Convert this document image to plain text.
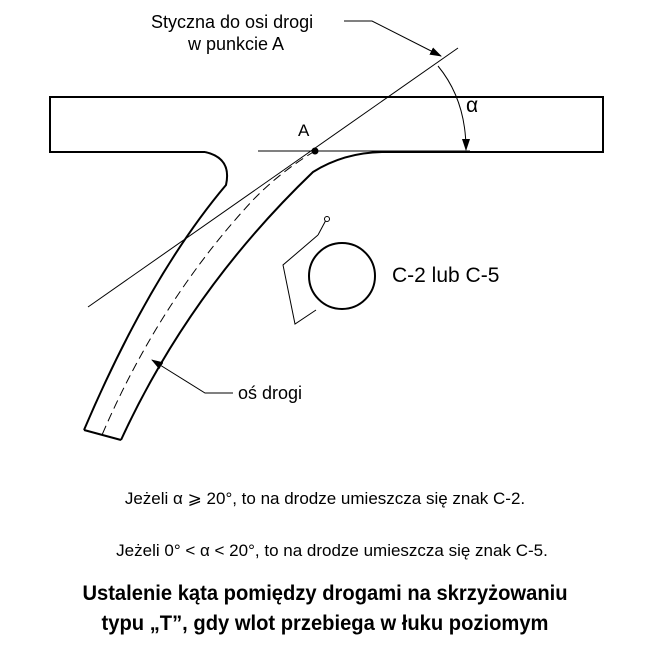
A
α
Styczna do osi drogi
w punkcie A
C-2 lub C-5
oś drogi
Jeżeli α ⩾ 20°, to na drodze umieszcza się znak C-2.
Jeżeli 0° < α < 20°, to na drodze umieszcza się znak C-5.
Ustalenie kąta pomiędzy drogami na skrzyżowaniu
typu „T”, gdy wlot przebiega w łuku poziomym
